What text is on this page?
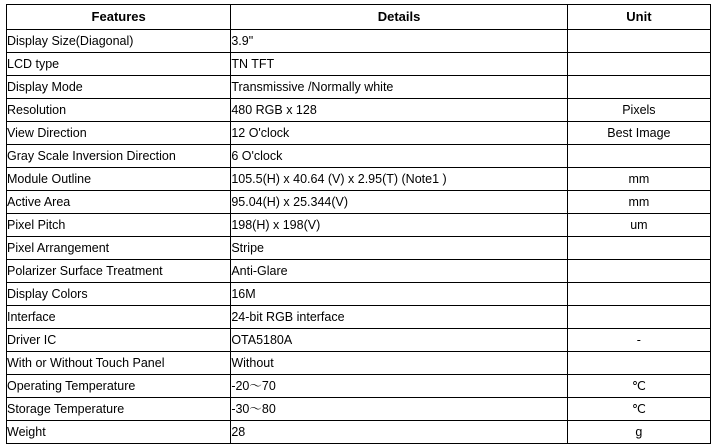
Features	Details	Unit
Display Size(Diagonal)	3.9"	
LCD type	TN TFT	
Display Mode	Transmissive /Normally white	
Resolution	480 RGB x 128	Pixels
View Direction	12 O'clock	Best Image
Gray Scale Inversion Direction	6 O'clock	
Module Outline	105.5(H) x 40.64 (V) x 2.95(T) (Note1 )	mm
Active Area	95.04(H) x 25.344(V)	mm
Pixel Pitch	198(H) x 198(V)	um
Pixel Arrangement	Stripe	
Polarizer Surface Treatment	Anti-Glare	
Display Colors	16M	
Interface	24-bit RGB interface	
Driver IC	OTA5180A	-
With or Without Touch Panel	Without	
Operating Temperature	-20～70	℃
Storage Temperature	-30～80	℃
Weight	28	g
